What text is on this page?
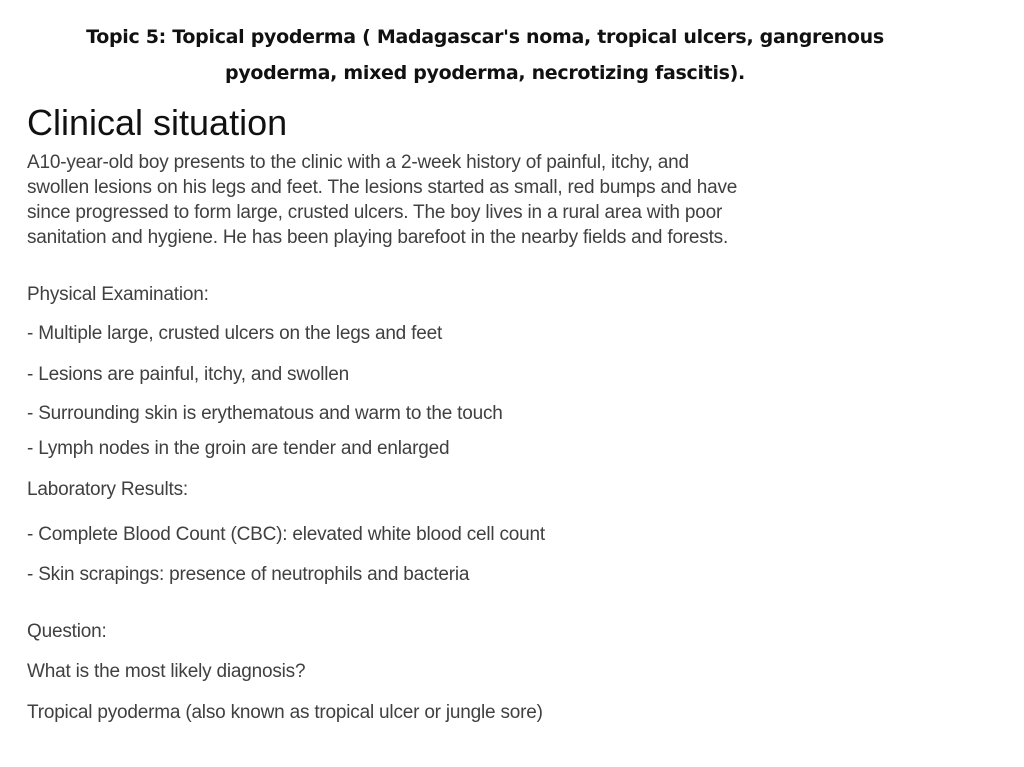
Topic 5: Topical pyoderma ( Madagascar's noma, tropical ulcers, gangrenous
pyoderma, mixed pyoderma, necrotizing fascitis).
Clinical situation
A10-year-old boy presents to the clinic with a 2-week history of painful, itchy, and
swollen lesions on his legs and feet. The lesions started as small, red bumps and have
since progressed to form large, crusted ulcers. The boy lives in a rural area with poor
sanitation and hygiene. He has been playing barefoot in the nearby fields and forests.
Physical Examination:
- Multiple large, crusted ulcers on the legs and feet
- Lesions are painful, itchy, and swollen
- Surrounding skin is erythematous and warm to the touch
- Lymph nodes in the groin are tender and enlarged
Laboratory Results:
- Complete Blood Count (CBC): elevated white blood cell count
- Skin scrapings: presence of neutrophils and bacteria
Question:
What is the most likely diagnosis?
Tropical pyoderma (also known as tropical ulcer or jungle sore)
